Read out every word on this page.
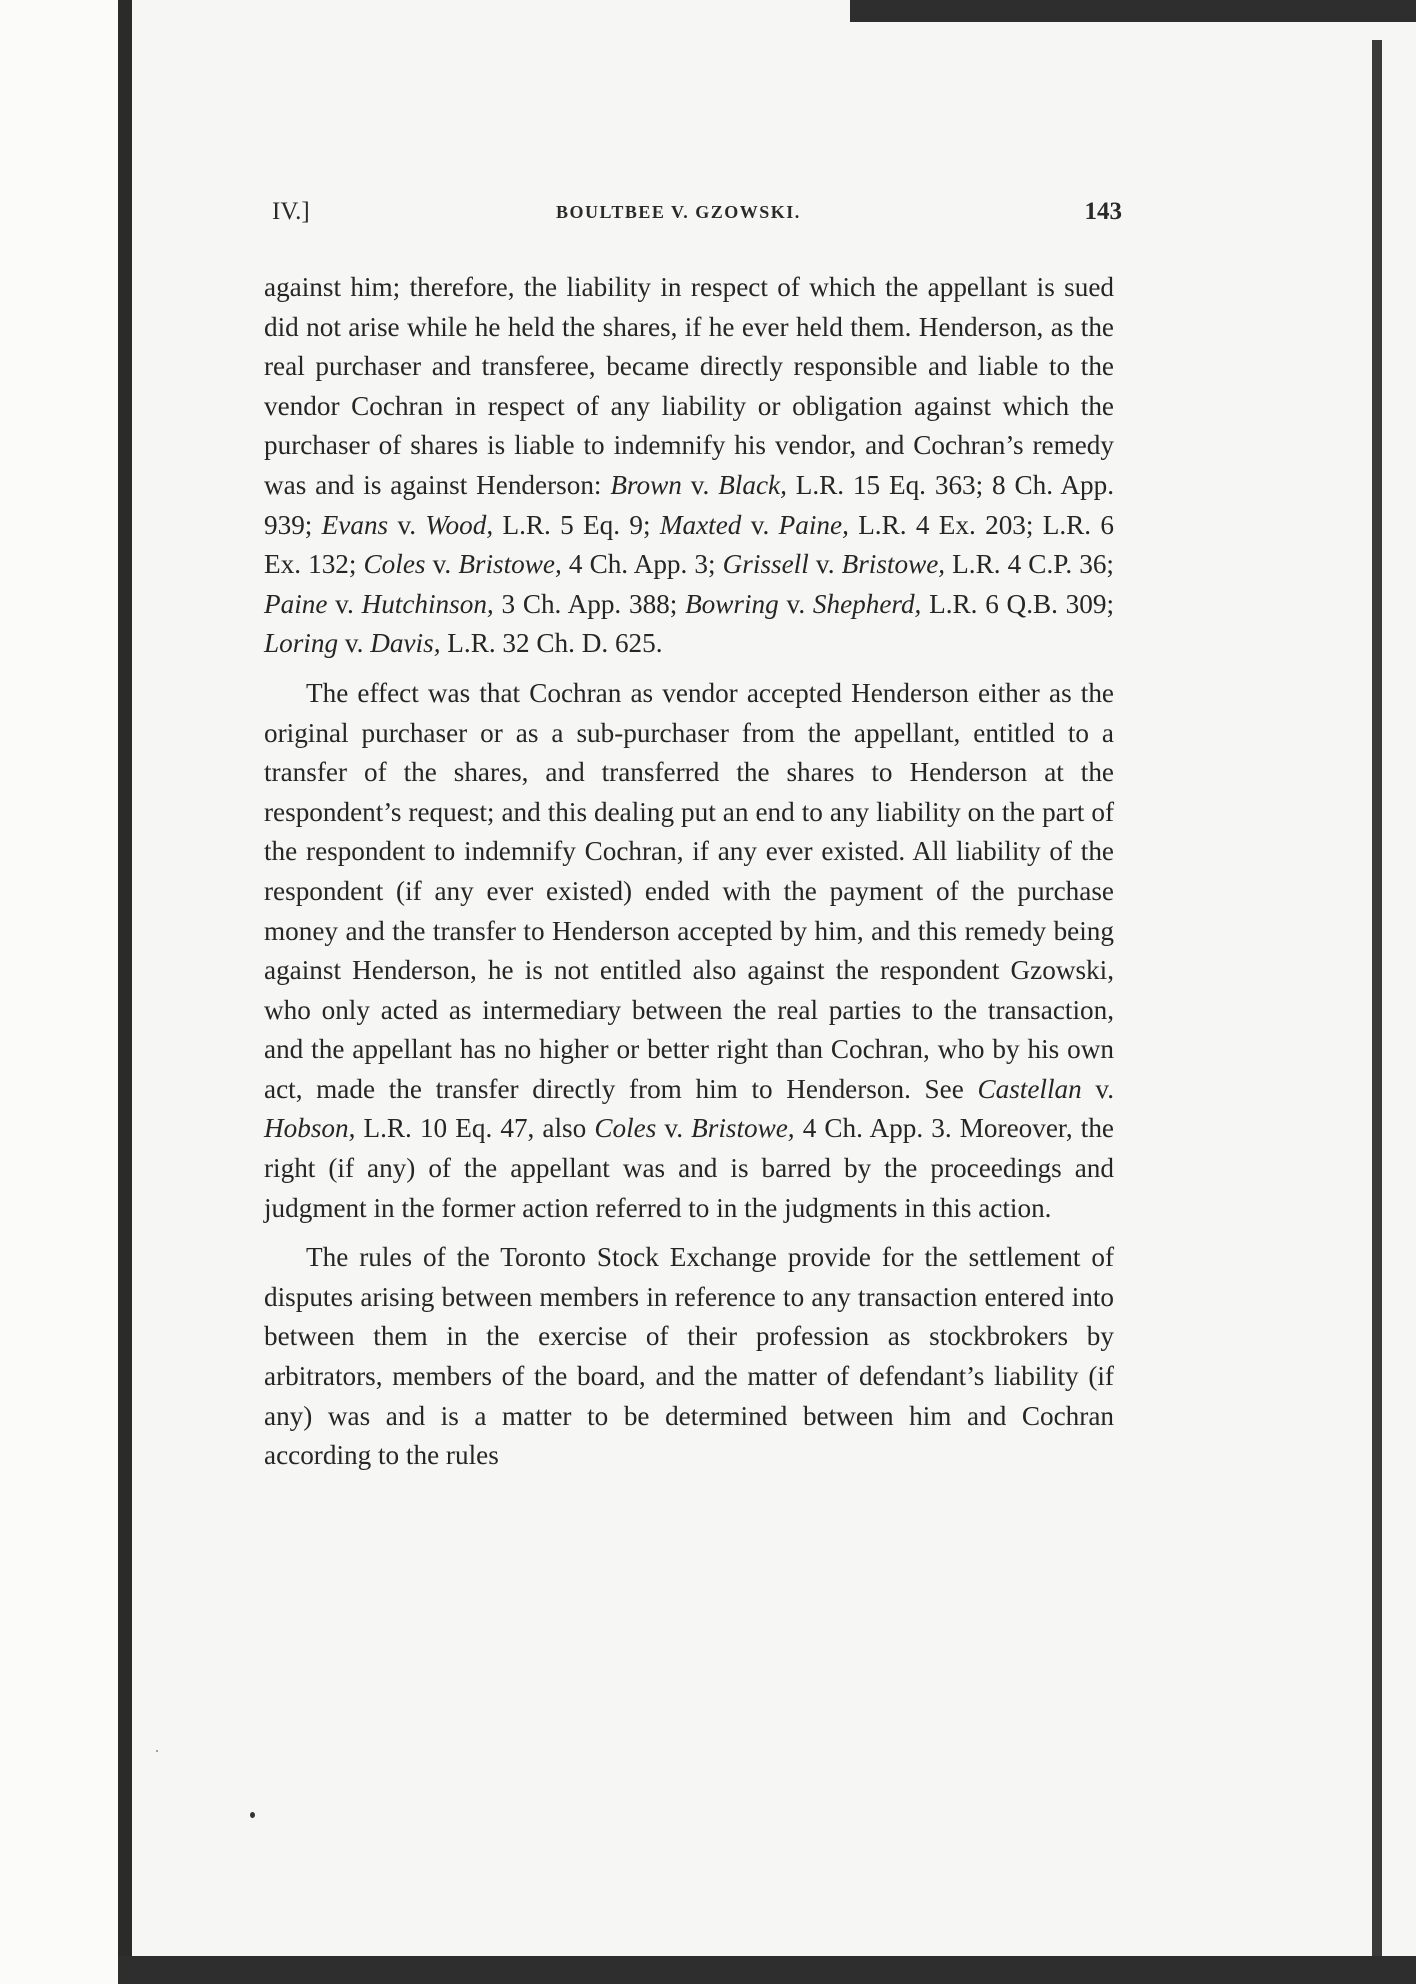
IV.]	BOULTBEE V. GZOWSKI.	143

against him; therefore, the liability in respect of which the appellant is sued did not arise while he held the shares, if he ever held them. Henderson, as the real purchaser and transferee, became directly responsible and liable to the vendor Cochran in respect of any liability or obligation against which the purchaser of shares is liable to indemnify his vendor, and Cochran’s remedy was and is against Henderson: Brown v. Black, L.R. 15 Eq. 363; 8 Ch. App. 939; Evans v. Wood, L.R. 5 Eq. 9; Maxted v. Paine, L.R. 4 Ex. 203; L.R. 6 Ex. 132; Coles v. Bristowe, 4 Ch. App. 3; Grissell v. Bristowe, L.R. 4 C.P. 36; Paine v. Hutchinson, 3 Ch. App. 388; Bowring v. Shepherd, L.R. 6 Q.B. 309; Loring v. Davis, L.R. 32 Ch. D. 625.

The effect was that Cochran as vendor accepted Henderson either as the original purchaser or as a sub-purchaser from the appellant, entitled to a transfer of the shares, and transferred the shares to Henderson at the respondent’s request; and this dealing put an end to any liability on the part of the respondent to indemnify Cochran, if any ever existed. All liability of the respondent (if any ever existed) ended with the payment of the purchase money and the transfer to Henderson accepted by him, and this remedy being against Henderson, he is not entitled also against the respondent Gzowski, who only acted as intermediary between the real parties to the transaction, and the appellant has no higher or better right than Cochran, who by his own act, made the transfer directly from him to Henderson. See Castellan v. Hobson, L.R. 10 Eq. 47, also Coles v. Bristowe, 4 Ch. App. 3. Moreover, the right (if any) of the appellant was and is barred by the proceedings and judgment in the former action referred to in the judgments in this action.

The rules of the Toronto Stock Exchange provide for the settlement of disputes arising between members in reference to any transaction entered into between them in the exercise of their profession as stockbrokers by arbitrators, members of the board, and the matter of defendant’s liability (if any) was and is a matter to be determined between him and Cochran according to the rules
